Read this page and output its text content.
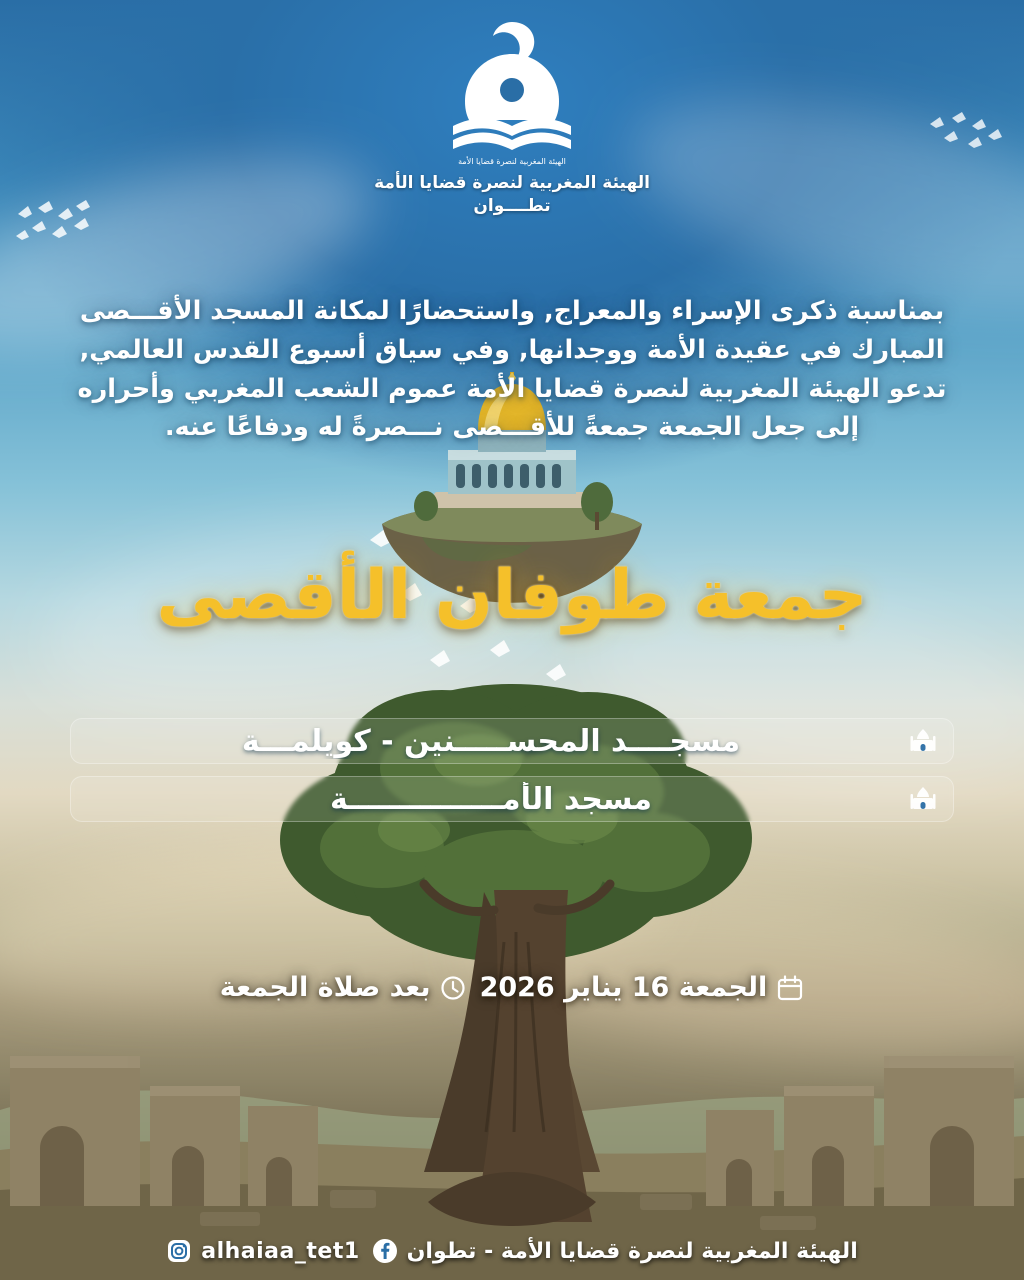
الهيئة المغربية لنصرة قضايا الأمة
الهيئة المغربية لنصرة قضايا الأمة
تطــــوان

بمناسبة ذكرى الإسراء والمعراج, واستحضارًا لمكانة المسجد الأقـــصى المبارك في عقيدة الأمة ووجدانها, وفي سياق أسبوع القدس العالمي, تدعو الهيئة المغربية لنصرة قضايا الأمة عموم الشعب المغربي وأحراره إلى جعل الجمعة جمعةً للأقـــصى نـــصرةً له ودفاعًا عنه.

جمعة طوفان الأقصى
مسجــــد المحســـــنين - كويلمـــة
مسجد الأمـــــــــــــــة
الجمعة 16 يناير 2026
بعد صلاة الجمعة
الهيئة المغربية لنصرة قضايا الأمة - تطوان
alhaiaa_tet1
